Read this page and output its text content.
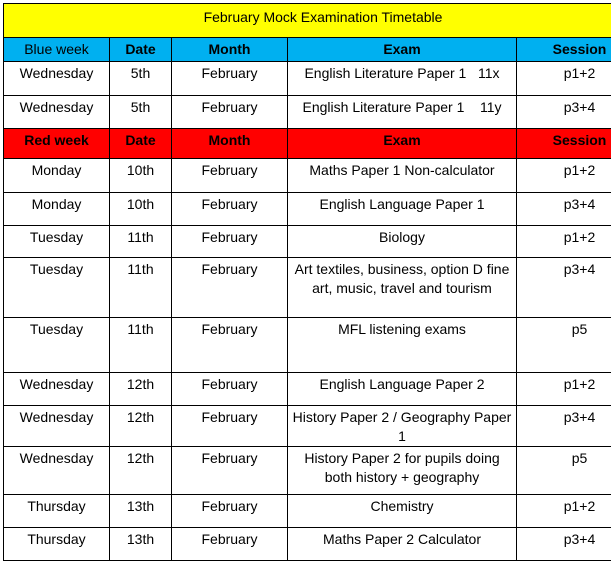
February Mock Examination Timetable				
Blue week	Date	Month	Exam	Session
Wednesday	5th	February	English Literature Paper 1   11x	p1+2
Wednesday	5th	February	English Literature Paper 1    11y	p3+4
Red week	Date	Month	Exam	Session
Monday	10th	February	Maths Paper 1 Non-calculator	p1+2
Monday	10th	February	English Language Paper 1	p3+4
Tuesday	11th	February	Biology	p1+2
Tuesday	11th	February	Art textiles, business, option D fine art, music, travel and tourism	p3+4
Tuesday	11th	February	MFL listening exams	p5
Wednesday	12th	February	English Language Paper 2	p1+2
Wednesday	12th	February	History Paper 2 / Geography Paper 1	p3+4
Wednesday	12th	February	History Paper 2 for pupils doing both history + geography	p5
Thursday	13th	February	Chemistry	p1+2
Thursday	13th	February	Maths Paper 2 Calculator	p3+4
